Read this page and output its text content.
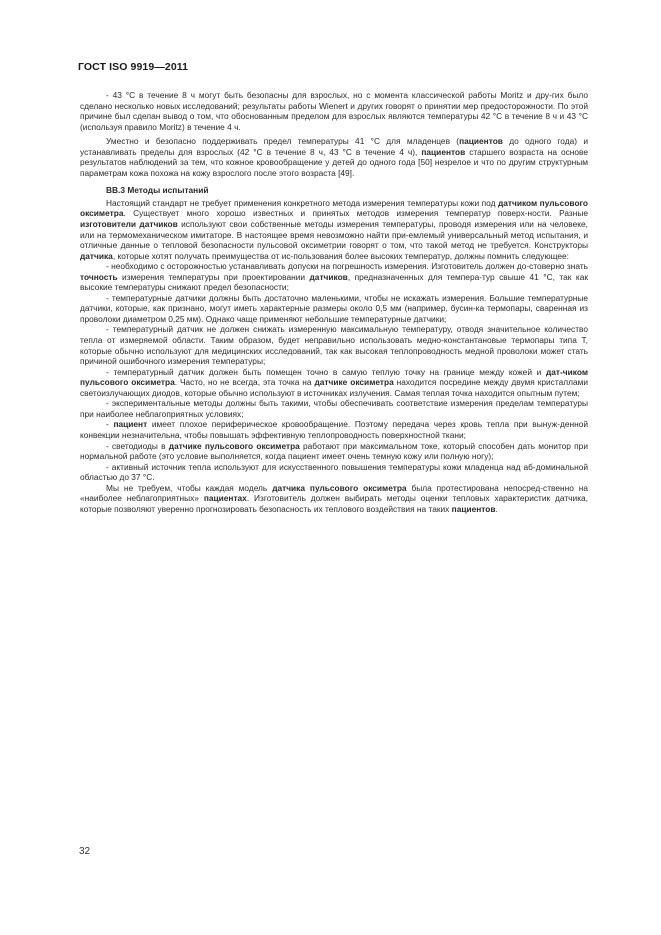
ГОСТ ISO 9919—2011

- 43 °C в течение 8 ч могут быть безопасны для взрослых, но с момента классической работы Moritz и дру-гих было сделано несколько новых исследований; результаты работы Wienert и других говорят о принятии мер предосторожности. По этой причине был сделан вывод о том, что обоснованным пределом для взрослых являются температуры 42 °C в течение 8 ч и 43 °C (используя правило Moritz) в течение 4 ч.

Уместно и безопасно поддерживать предел температуры 41 °C для младенцев (пациентов до одного года) и устанавливать пределы для взрослых (42 °C в течение 8 ч, 43 °C в течение 4 ч), пациентов старшего возраста на основе результатов наблюдений за тем, что кожное кровообращение у детей до одного года [50] незрелое и что по другим структурным параметрам кожа похожа на кожу взрослого после этого возраста [49].

BB.3 Методы испытаний

Настоящий стандарт не требует применения конкретного метода измерения температуры кожи под датчиком пульсового оксиметра. Существует много хорошо известных и принятых методов измерения температур поверх-ности. Разные изготовители датчиков используют свои собственные методы измерения температуры, проводя измерения или на человеке, или на термомеханическом имитаторе. В настоящее время невозможно найти при-емлемый универсальный метод испытания, и отличные данные о тепловой безопасности пульсовой оксиметрии говорят о том, что такой метод не требуется. Конструкторы датчика, которые хотят получать преимущества от ис-пользования более высоких температур, должны помнить следующее:

- необходимо с осторожностью устанавливать допуски на погрешность измерения. Изготовитель должен до-стоверно знать точность измерения температуры при проектировании датчиков, предназначенных для темпера-тур свыше 41 °C, так как высокие температуры снижают предел безопасности;

- температурные датчики должны быть достаточно маленькими, чтобы не искажать измерения. Большие температурные датчики, которые, как признано, могут иметь характерные размеры около 0,5 мм (например, бусин-ка термопары, сваренная из проволоки диаметром 0,25 мм). Однако чаще применяют небольшие температурные датчики;

- температурный датчик не должен снижать измеренную максимальную температуру, отводя значительное количество тепла от измеряемой области. Таким образом, будет неправильно использовать медно-константановые термопары типа T, которые обычно используют для медицинских исследований, так как высокая теплопроводность медной проволоки может стать причиной ошибочного измерения температуры;

- температурный датчик должен быть помещен точно в самую теплую точку на границе между кожей и дат-чиком пульсового оксиметра. Часто, но не всегда, эта точка на датчике оксиметра находится посредине между двумя кристаллами светоизлучающих диодов, которые обычно используют в источниках излучения. Самая теплая точка находится опытным путем;

- экспериментальные методы должны быть такими, чтобы обеспечивать соответствие измерения пределам температуры при наиболее неблагоприятных условиях;

- пациент имеет плохое периферическое кровообращение. Поэтому передача через кровь тепла при вынуж-денной конвекции незначительна, чтобы повышать эффективную теплопроводность поверхностной ткани;

- светодиоды в датчике пульсового оксиметра работают при максимальном токе, который способен дать монитор при нормальной работе (это условие выполняется, когда пациент имеет очень темную кожу или полную ногу);

- активный источник тепла используют для искусственного повышения температуры кожи младенца над аб-доминальной областью до 37 °C.

Мы не требуем, чтобы каждая модель датчика пульсового оксиметра была протестирована непосред-ственно на «наиболее неблагоприятных» пациентах. Изготовитель должен выбирать методы оценки тепловых характеристик датчика, которые позволяют уверенно прогнозировать безопасность их теплового воздействия на таких пациентов.

32
